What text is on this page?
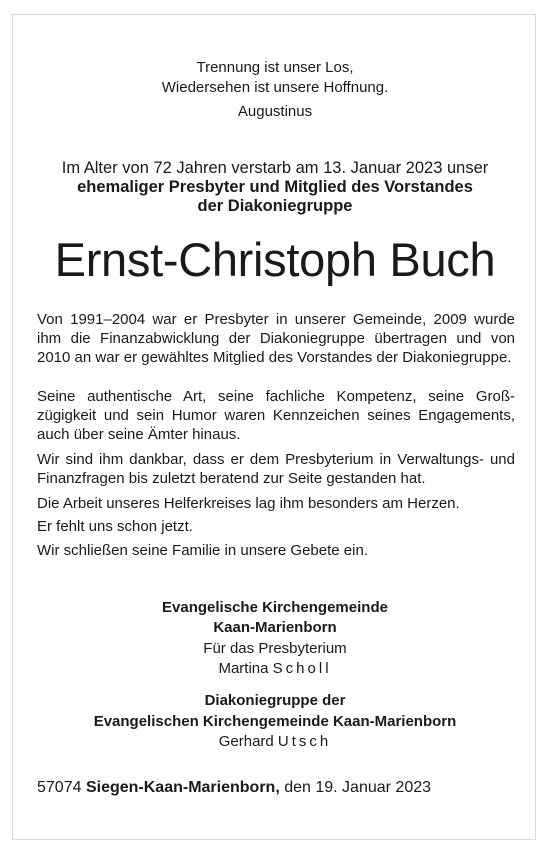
Trennung ist unser Los,
Wiedersehen ist unsere Hoffnung.
Augustinus
Im Alter von 72 Jahren verstarb am 13. Januar 2023 unser
ehemaliger Presbyter und Mitglied des Vorstandes
der Diakoniegruppe
Ernst-Christoph Buch
Von 1991–2004 war er Presbyter in unserer Gemeinde, 2009 wurde ihm die Finanzabwicklung der Diakoniegruppe übertragen und von 2010 an war er gewähltes Mitglied des Vorstandes der Diakoniegruppe.
Seine authentische Art, seine fachliche Kompetenz, seine Großzügigkeit und sein Humor waren Kennzeichen seines Engagements, auch über seine Ämter hinaus.
Wir sind ihm dankbar, dass er dem Presbyterium in Verwaltungs- und Finanzfragen bis zuletzt beratend zur Seite gestanden hat.
Die Arbeit unseres Helferkreises lag ihm besonders am Herzen.
Er fehlt uns schon jetzt.
Wir schließen seine Familie in unsere Gebete ein.
Evangelische Kirchengemeinde
Kaan-Marienborn
Für das Presbyterium
Martina Scholl
Diakoniegruppe der
Evangelischen Kirchengemeinde Kaan-Marienborn
Gerhard Utsch
57074 Siegen-Kaan-Marienborn, den 19. Januar 2023
